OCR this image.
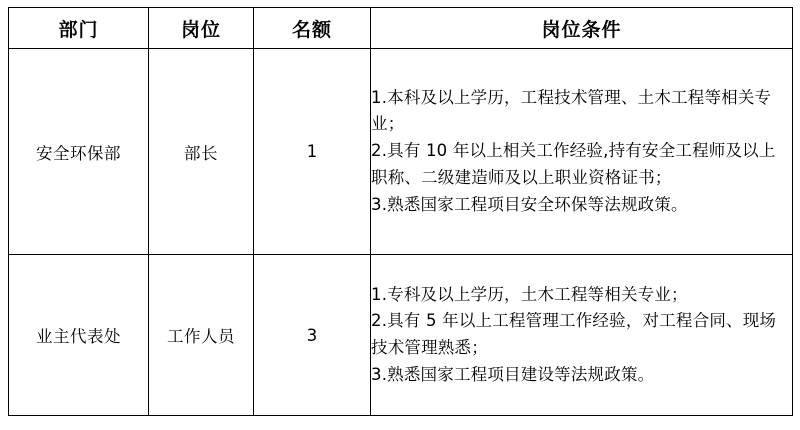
部门	岗位	名额	岗位条件
安全环保部	部长	1	1.本科及以上学历，工程技术管理、土木工程等相关专业；
2.具有 10 年以上相关工作经验,持有安全工程师及以上职称、二级建造师及以上职业资格证书；
3.熟悉国家工程项目安全环保等法规政策。

业主代表处	工作人员	3	1.专科及以上学历，土木工程等相关专业；
2.具有 5 年以上工程管理工作经验，对工程合同、现场技术管理熟悉；
3.熟悉国家工程项目建设等法规政策。
